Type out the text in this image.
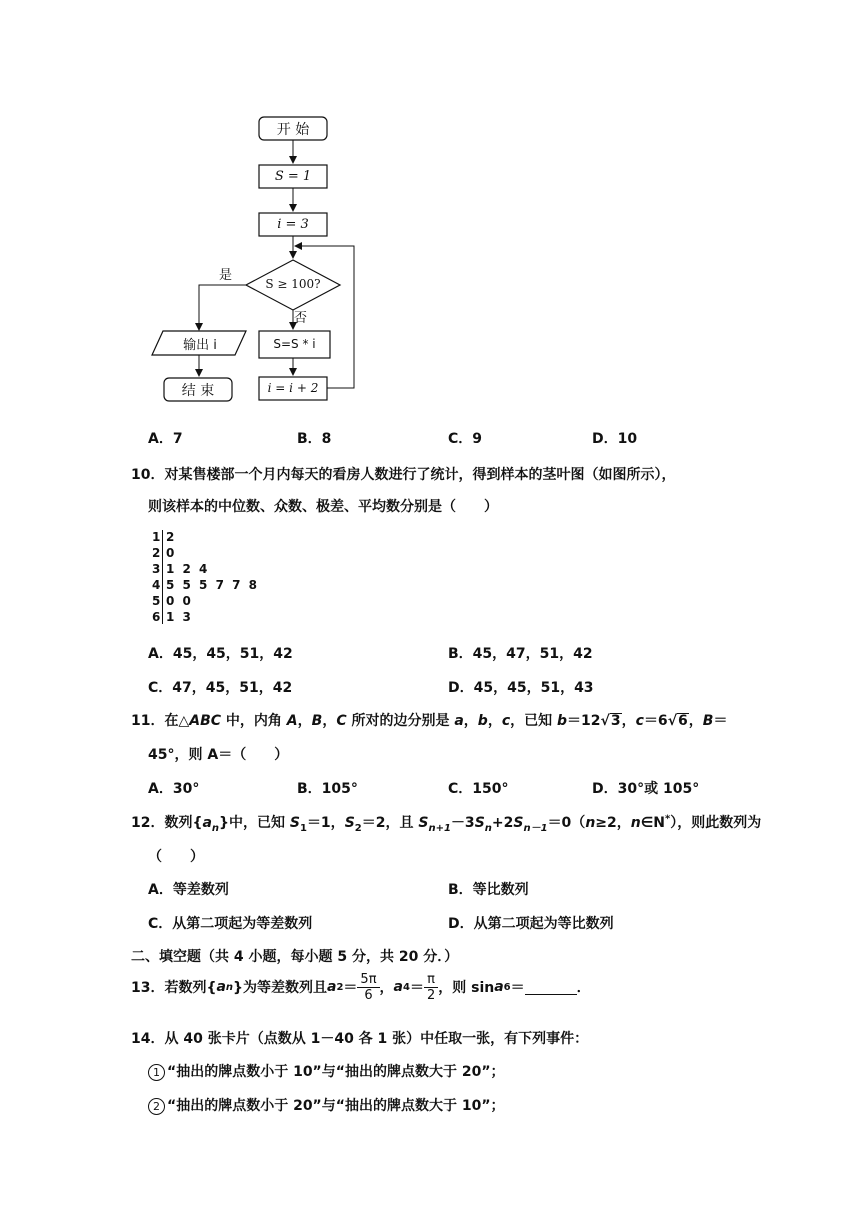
开 始
S = 1
i = 3
S ≥ 100?
是
否
输出 i
结 束
S=S * i
i = i + 2
A．7	B．8	C．9	D．10
10．对某售楼部一个月内每天的看房人数进行了统计，得到样本的茎叶图（如图所示），
则该样本的中位数、众数、极差、平均数分别是（　　）
1 2
2 0
3 1 2 4
4 5 5 5 7 7 8
5 0 0
6 1 3
A．45，45，51，42	B．45，47，51，42
C．47，45，51，42	D．45，45，51，43
11．在△ABC 中，内角 A，B，C 所对的边分别是 a，b，c，已知 b＝12√3，c＝6√6，B＝
45°，则 A＝（　　）
A．30°	B．105°	C．150°	D．30°或 105°
12．数列$\{a_n\}$中，已知 $S_1=1$，$S_2=2$，且 $S_{n+1}-3S_n+2S_{n-1}=0(n\ge 2$，n∈N*），则此数列为
（　　）
A．等差数列	B．等比数列
C．从第二项起为等差数列	D．从第二项起为等比数列
二、填空题（共 4 小题，每小题 5 分，共 20 分．）
13． 若数列{ a n }为等差数列且 a $2 = \frac{5\pi}{6}$ ， a $4 = \frac{\pi}{2}$ ，则 sin a 6 ＝	．
14．从 40 张卡片（点数从 1－40 各 1 张）中任取一张，有下列事件：
1 “抽出的牌点数小于 10”与“抽出的牌点数大于 20”；
2 “抽出的牌点数小于 20”与“抽出的牌点数大于 10”；
